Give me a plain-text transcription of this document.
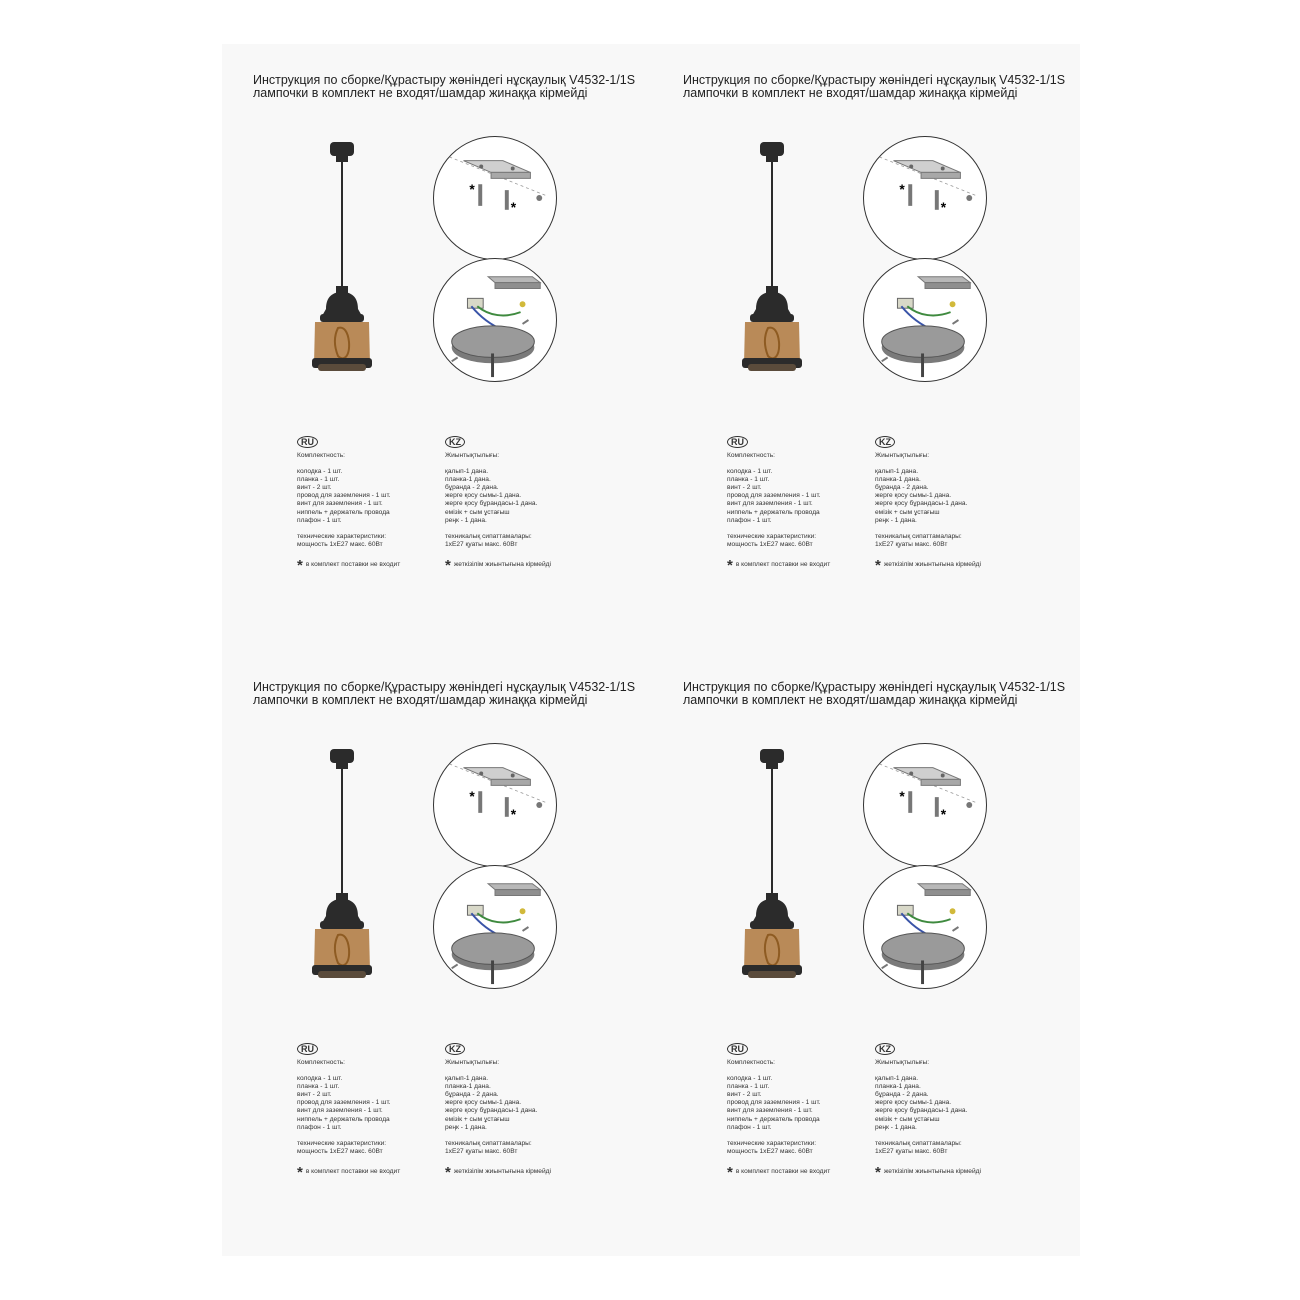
Инструкция по сборке/Құрастыру жөніндегі нұсқаулық V4532-1/1S
лампочки в комплект не входят/шамдар жинаққа кірмейді
*
*
RU
Комплектность:
колодка - 1 шт.
планка - 1 шт.
винт - 2 шт.
провод для заземления - 1 шт.
винт для заземления - 1 шт.
ниппель + держатель провода
плафон - 1 шт.
технические характеристики:
мощность 1хЕ27 макс. 60Вт
* в комплект поставки не входит
KZ
Жиынтықтылығы:
қалып-1 дана.
планка-1 дана.
бұранда - 2 дана.
жерге қосу сымы-1 дана.
жерге қосу бұрандасы-1 дана.
емізік + сым ұстағыш
реңк - 1 дана.
техникалық сипаттамалары:
1хЕ27 қуаты макс. 60Вт
* жеткізілім жиынтығына кірмейді
Инструкция по сборке/Құрастыру жөніндегі нұсқаулық V4532-1/1S
лампочки в комплект не входят/шамдар жинаққа кірмейді
*
*
RU
Комплектность:
колодка - 1 шт.
планка - 1 шт.
винт - 2 шт.
провод для заземления - 1 шт.
винт для заземления - 1 шт.
ниппель + держатель провода
плафон - 1 шт.
технические характеристики:
мощность 1хЕ27 макс. 60Вт
* в комплект поставки не входит
KZ
Жиынтықтылығы:
қалып-1 дана.
планка-1 дана.
бұранда - 2 дана.
жерге қосу сымы-1 дана.
жерге қосу бұрандасы-1 дана.
емізік + сым ұстағыш
реңк - 1 дана.
техникалық сипаттамалары:
1хЕ27 қуаты макс. 60Вт
* жеткізілім жиынтығына кірмейді
Инструкция по сборке/Құрастыру жөніндегі нұсқаулық V4532-1/1S
лампочки в комплект не входят/шамдар жинаққа кірмейді
*
*
RU
Комплектность:
колодка - 1 шт.
планка - 1 шт.
винт - 2 шт.
провод для заземления - 1 шт.
винт для заземления - 1 шт.
ниппель + держатель провода
плафон - 1 шт.
технические характеристики:
мощность 1хЕ27 макс. 60Вт
* в комплект поставки не входит
KZ
Жиынтықтылығы:
қалып-1 дана.
планка-1 дана.
бұранда - 2 дана.
жерге қосу сымы-1 дана.
жерге қосу бұрандасы-1 дана.
емізік + сым ұстағыш
реңк - 1 дана.
техникалық сипаттамалары:
1хЕ27 қуаты макс. 60Вт
* жеткізілім жиынтығына кірмейді
Инструкция по сборке/Құрастыру жөніндегі нұсқаулық V4532-1/1S
лампочки в комплект не входят/шамдар жинаққа кірмейді
*
*
RU
Комплектность:
колодка - 1 шт.
планка - 1 шт.
винт - 2 шт.
провод для заземления - 1 шт.
винт для заземления - 1 шт.
ниппель + держатель провода
плафон - 1 шт.
технические характеристики:
мощность 1хЕ27 макс. 60Вт
* в комплект поставки не входит
KZ
Жиынтықтылығы:
қалып-1 дана.
планка-1 дана.
бұранда - 2 дана.
жерге қосу сымы-1 дана.
жерге қосу бұрандасы-1 дана.
емізік + сым ұстағыш
реңк - 1 дана.
техникалық сипаттамалары:
1хЕ27 қуаты макс. 60Вт
* жеткізілім жиынтығына кірмейді
